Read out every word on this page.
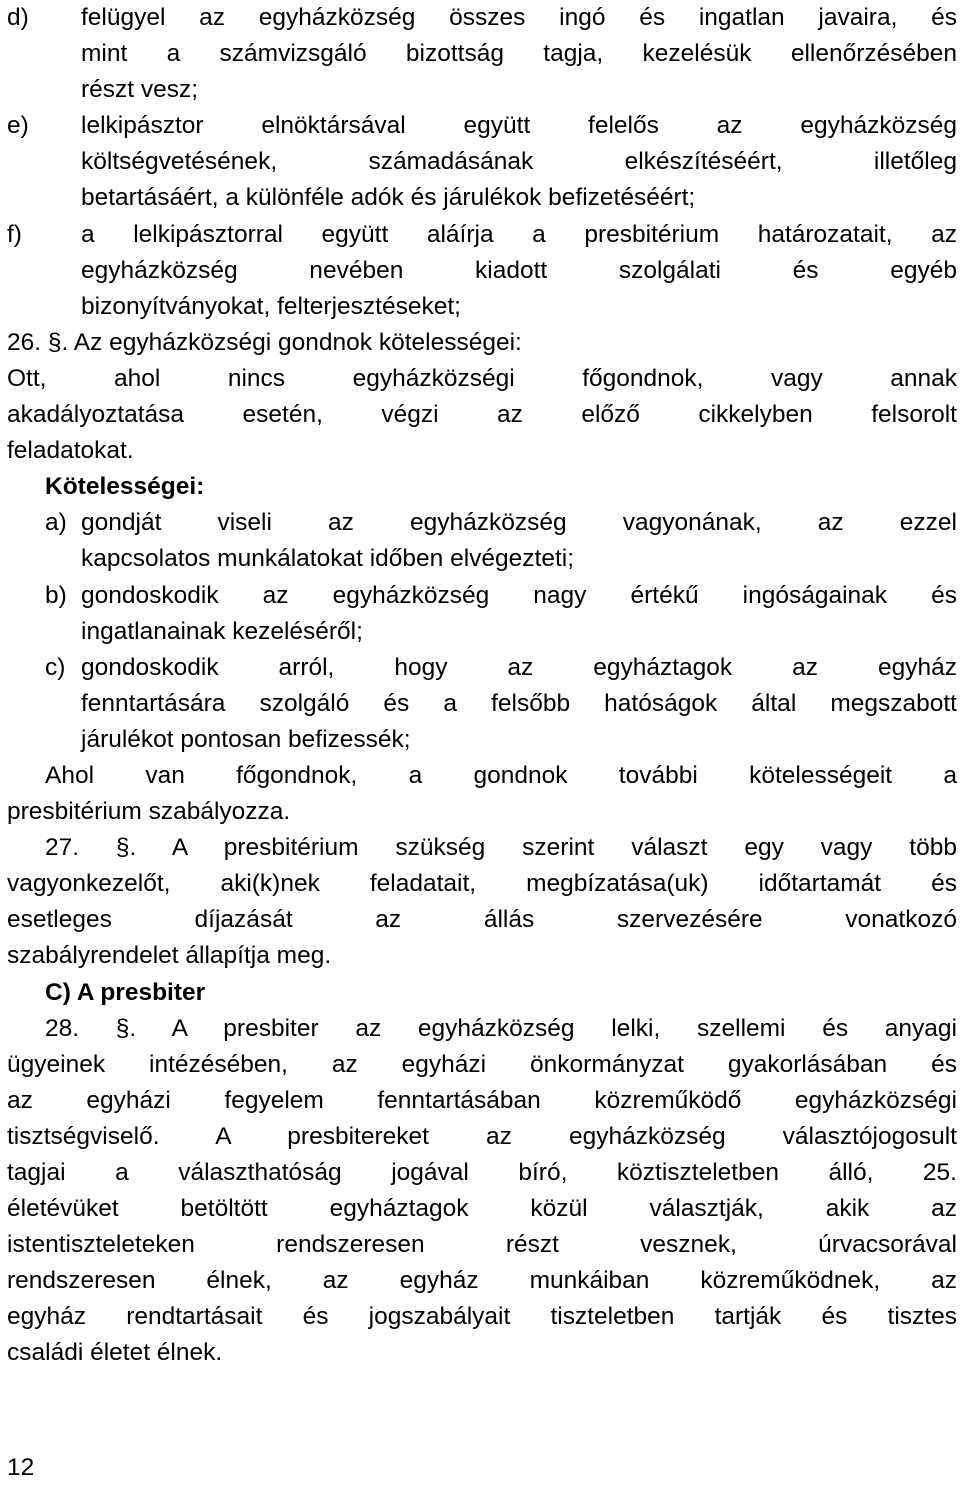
d)	felügyel az egyházközség összes ingó és ingatlan javaira, és
mint a számvizsgáló bizottság tagja, kezelésük ellenőrzésében
részt vesz;
e)	lelkipásztor elnöktársával együtt felelős az egyházközség
költségvetésének, számadásának elkészítéséért, illetőleg
betartásáért, a különféle adók és járulékok befizetéséért;
f)	a lelkipásztorral együtt aláírja a presbitérium határozatait, az
egyházközség nevében kiadott szolgálati és egyéb
bizonyítványokat, felterjesztéseket;
26. §. Az egyházközségi gondnok kötelességei:
Ott, ahol nincs egyházközségi főgondnok, vagy annak
akadályoztatása esetén, végzi az előző cikkelyben felsorolt
feladatokat.
Kötelességei:
a) gondját viseli az egyházközség vagyonának, az ezzel
kapcsolatos munkálatokat időben elvégezteti;
b) gondoskodik az egyházközség nagy értékű ingóságainak és
ingatlanainak kezeléséről;
c) gondoskodik arról, hogy az egyháztagok az egyház
fenntartására szolgáló és a felsőbb hatóságok által megszabott
járulékot pontosan befizessék;
Ahol van főgondnok, a gondnok további kötelességeit a
presbitérium szabályozza.
27. §. A presbitérium szükség szerint választ egy vagy több
vagyonkezelőt, aki(k)nek feladatait, megbízatása(uk) időtartamát és
esetleges díjazását az állás szervezésére vonatkozó
szabályrendelet állapítja meg.
C) A presbiter
28. §. A presbiter az egyházközség lelki, szellemi és anyagi
ügyeinek intézésében, az egyházi önkormányzat gyakorlásában és
az egyházi fegyelem fenntartásában közreműködő egyházközségi
tisztségviselő. A presbitereket az egyházközség választójogosult
tagjai a választhatóság jogával bíró, köztiszteletben álló, 25.
életévüket betöltött egyháztagok közül választják, akik az
istentiszteleteken rendszeresen részt vesznek, úrvacsorával
rendszeresen élnek, az egyház munkáiban közreműködnek, az
egyház rendtartásait és jogszabályait tiszteletben tartják és tisztes
családi életet élnek.
12
